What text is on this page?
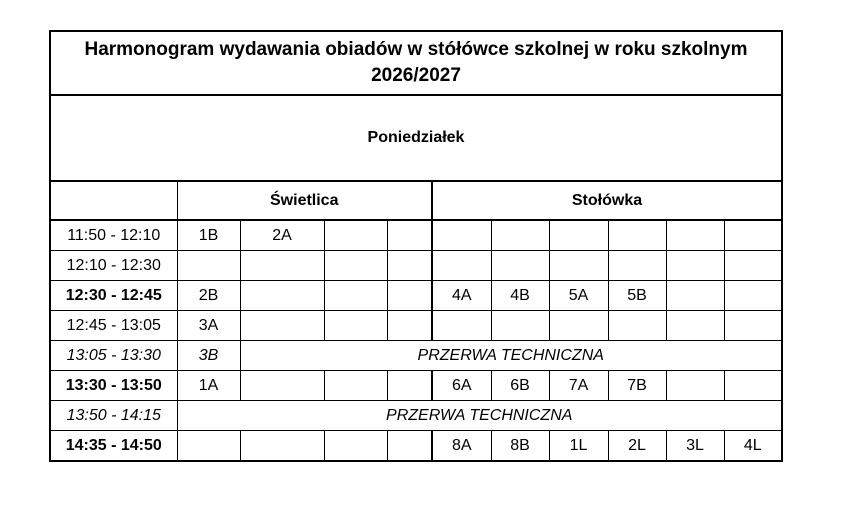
Harmonogram wydawania obiadów w stółówce szkolnej w roku szkolnym 2026/2027										
Poniedziałek										
	Świetlica				Stołówka					
11:50 - 12:10	1B	2A								
12:10 - 12:30										
12:30 - 12:45	2B				4A	4B	5A	5B		
12:45 - 13:05	3A									
13:05 - 13:30	3B	PRZERWA TECHNICZNA								
13:30 - 13:50	1A				6A	6B	7A	7B		
13:50 - 14:15	PRZERWA TECHNICZNA									
14:35 - 14:50					8A	8B	1L	2L	3L	4L
